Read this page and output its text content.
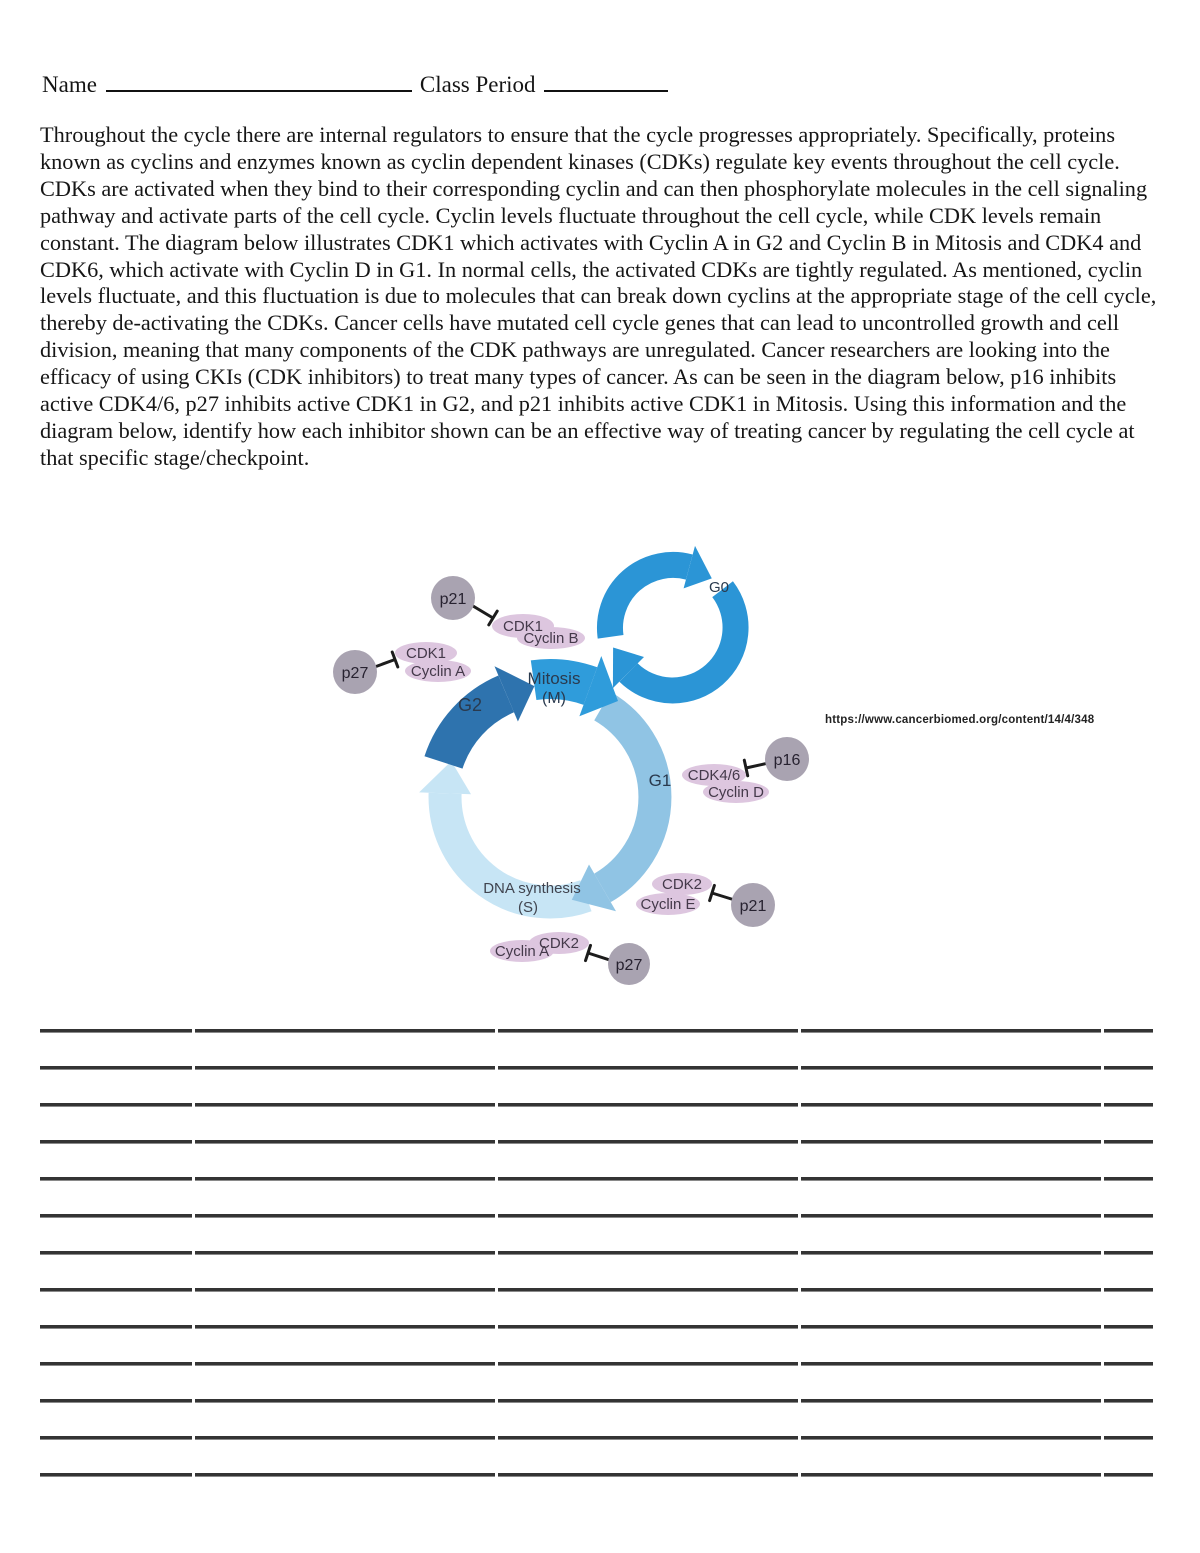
Name	Class Period
Throughout the cycle there are internal regulators to ensure that the cycle progresses appropriately. Specifically, proteins known as cyclins and enzymes known as cyclin dependent kinases (CDKs) regulate key events throughout the cell cycle. CDKs are activated when they bind to their corresponding cyclin and can then phosphorylate molecules in the cell signaling pathway and activate parts of the cell cycle. Cyclin levels fluctuate throughout the cell cycle, while CDK levels remain constant. The diagram below illustrates CDK1 which activates with Cyclin A in G2 and Cyclin B in Mitosis and CDK4 and CDK6, which activate with Cyclin D in G1. In normal cells, the activated CDKs are tightly regulated. As mentioned, cyclin levels fluctuate, and this fluctuation is due to molecules that can break down cyclins at the appropriate stage of the cell cycle, thereby de-activating the CDKs. Cancer cells have mutated cell cycle genes that can lead to uncontrolled growth and cell division, meaning that many components of the CDK pathways are unregulated. Cancer researchers are looking into the efficacy of using CKIs (CDK inhibitors) to treat many types of cancer. As can be seen in the diagram below, p16 inhibits active CDK4/6, p27 inhibits active CDK1 in G2, and p21 inhibits active CDK1 in Mitosis. Using this information and the diagram below, identify how each inhibitor shown can be an effective way of treating cancer by regulating the cell cycle at that specific stage/checkpoint.
G0
Mitosis
(M)
G2
G1
DNA synthesis
(S)
CDK1
Cyclin B
CDK1
Cyclin A
CDK4/6
Cyclin D
CDK2
Cyclin E
CDK2
Cyclin A
p21
p27
p16
p21
p27
https://www.cancerbiomed.org/content/14/4/348
